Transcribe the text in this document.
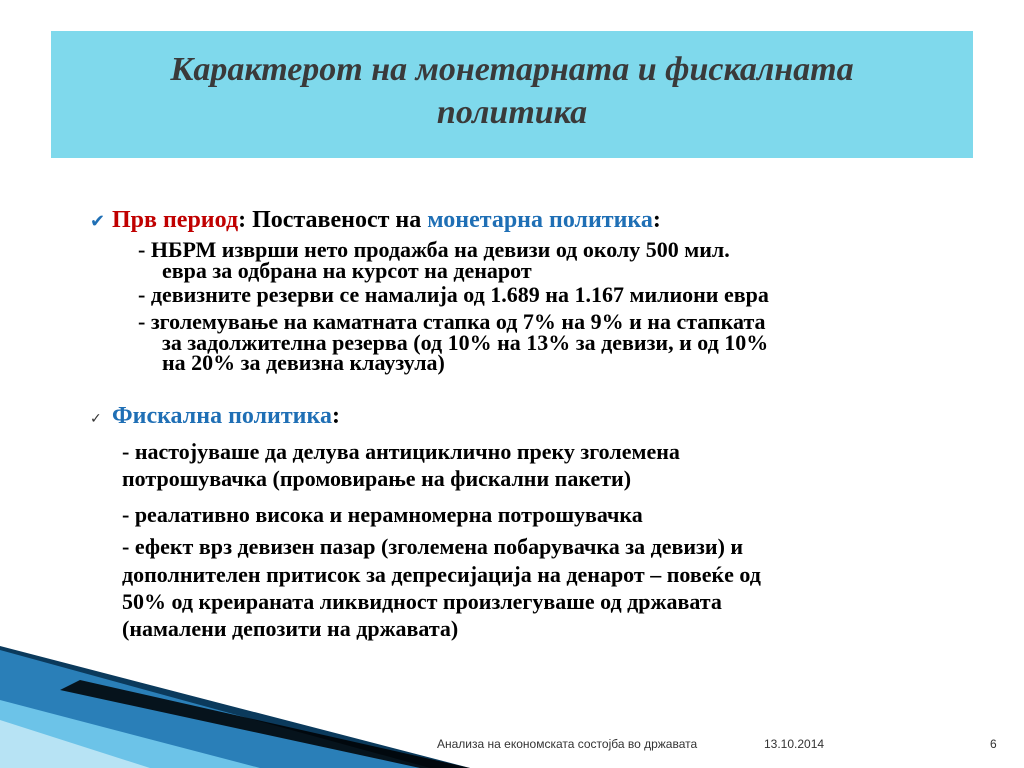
Карактерот на монетарната и фискалната
политика
✔ Прв период: Поставеност на монетарна политика:
- НБРМ изврши нето продажба на девизи од околу 500 мил.
евра за одбрана на курсот на денарот
- девизните резерви се намалија од 1.689 на 1.167 милиони евра
- зголемување на каматната стапка од 7% на 9% и на стапката
за задолжителна резерва (од 10% на 13% за девизи, и од 10%
на 20% за девизна клаузула)
✓ Фискална политика:
- настојуваше да делува антициклично преку зголемена
потрошувачка (промовирање на фискални пакети)
- реалативно висока и нерамномерна потрошувачка
- ефект врз девизен пазар (зголемена побарувачка за девизи) и
дополнителен притисок за депресијација на денарот – повеќе од
50% од креираната ликвидност произлегуваше од државата
(намалени депозити на државата)
Анализа на економската состојба во државата	13.10.2014	6
